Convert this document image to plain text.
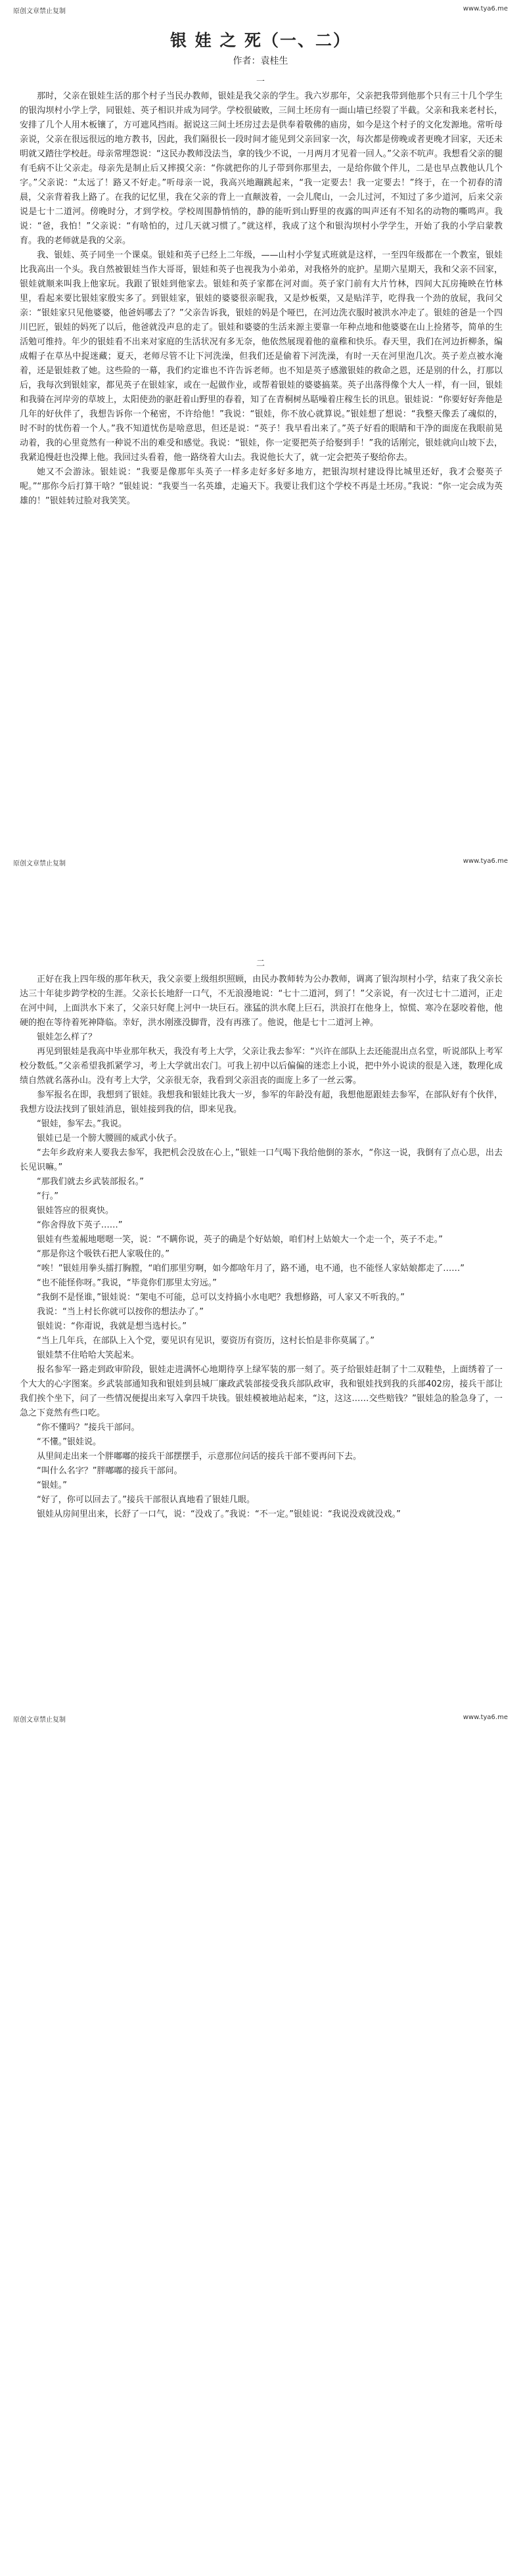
原创文章禁止复制	www.tya6.me
银 娃 之 死（一、二）
作者：袁桂生
一

那时，父亲在银娃生活的那个村子当民办教师，银娃是我父亲的学生。我六岁那年，父亲把我带到他那个只有三十几个学生的银沟坝村小学上学，同银娃、英子相识并成为同学。学校很破败，三间土坯房有一面山墙已经裂了半截。父亲和我来老村长，安排了几个人用木板镶了，方可遮风挡雨。据说这三间土坯房过去是供奉着敬佛的庙房，如今是这个村子的文化发源地。常听母亲说，父亲在很远很远的地方教书，因此，我们隔很长一段时间才能见到父亲回家一次，每次都是傍晚或者更晚才回家，天还未明就又踏往学校赶。母亲常埋怨说：“这民办教师没法当，拿的钱少不说，一月两月才见着一回人。”父亲不吭声。我想看父亲的腿有毛病不让父亲走。母亲先是制止后又摔摸父亲：“你就把你的儿子带到你那里去，一是给你做个伴儿，二是也早点教他认几个字。”父亲说：“太远了！路又不好走。”听母亲一说，我高兴地蹦跳起来，“我一定要去！我一定要去！”终于，在一个初春的清晨，父亲背着我上路了。在我的记忆里，我在父亲的背上一直颠波着，一会儿爬山，一会儿过河，不知过了多少道河，后来父亲说是七十二道河。傍晚时分，才到学校。学校周围静悄悄的，静的能听到山野里的夜露的叫声还有不知名的动物的嘶鸣声。我说：“爸，我怕！”父亲说：“有啥怕的，过几天就习惯了。”就这样，我成了这个和银沟坝村小学学生，开始了我的小学启蒙教育。我的老师就是我的父亲。

我、银娃、英子同坐一个课桌。银娃和英子已经上二年级，——山村小学复式班就是这样，一至四年级都在一个教室，银娃比我高出一个头。我自然被银娃当作大哥哥，银娃和英子也视我为小弟弟，对我格外的庇护。星期六星期天，我和父亲不回家，银娃就顺来叫我上他家玩。我跟了银娃到他家去。银娃和英子家都在河对面。英子家门前有大片竹林，四间大瓦房掩映在竹林里，看起来要比银娃家殷实多了。到银娃家，银娃的婆婆很亲昵我，又是炒板栗，又是贴洋芋，吃得我一个劲的放屁，我问父亲：“银娃家只见他婆婆，他爸妈哪去了？”父亲告诉我，银娃的妈是个哑巴，在河边洗衣服时被洪水冲走了。银娃的爸是一个四川巴匠，银娃的妈死了以后，他爸就没声息的走了。银娃和婆婆的生活来源主要靠一年种点地和他婆婆在山上捡猪苓，简单的生活勉可维持。年少的银娃看不出来对家庭的生活状况有多无奈，他依然展现着他的童稚和快乐。春天里，我们在河边折柳条，编成帽子在草丛中捉迷藏；夏天，老师尽管不让下河洗澡，但我们还是偷着下河洗澡，有时一天在河里泡几次。英子差点被水淹着，还是银娃救了她。这些险的一幕，我们约定谁也不许告诉老师。也不知是英子感激银娃的救命之恩，还是别的什么，打那以后，我每次到银娃家，都见英子在银娃家，或在一起做作业，或帮着银娃的婆婆搞菜。英子出落得像个大人一样，有一回，银娃和我骑在河岸旁的草坡上，太阳使劲的驱赶着山野里的春着，知了在青桐树丛聒噪着庄稼生长的讯息。银娃说：“你要好好奔他是几年的好伙伴了，我想告诉你一个秘密，不许给他！”我说：“银娃，你不放心就算说。”银娃想了想说：“我整天像丢了魂似的，时不时的忧伤着一个人。”我不知道忧伤是啥意思，但还是说：“英子！我早看出来了。”英子好看的眼睛和干净的面庞在我眼前晃动着，我的心里竟然有一种说不出的难受和感觉。我说：“银娃，你一定要把英子给娶到手！”我的话刚完，银娃就向山坡下去，我紧追慢赶也没撵上他。我回过头看着，他一路绕着大山去。我说他长大了，就一定会把英子娶给你去。

她又不会游泳。银娃说：“我要是像那年头英子一样多走好多好多地方，把银沟坝村建设得比城里还好，我才会娶英子呢。”“那你今后打算干啥？”银娃说：“我要当一名英雄，走遍天下。我要让我们这个学校不再是土坯房。”我说：“你一定会成为英雄的！”银娃转过脸对我笑笑。

原创文章禁止复制	www.tya6.me
二

正好在我上四年级的那年秋天，我父亲要上级组织照顾，由民办教师转为公办教师，调离了银沟坝村小学，结束了我父亲长达三十年徒步跨学校的生涯。父亲长长地舒一口气，不无浪漫地说：“七十二道河，到了！”父亲说，有一次过七十二道河，正走在河中间，上面洪水下来了，父亲只好爬上河中一块巨石。涨猛的洪水爬上巨石，洪浪打在他身上，惊慌、寒冷在瑟咬着他，他硬的抱在等待着死神降临。幸好，洪水刚涨没脚背，没有再涨了。他说，他是七十二道河上神。

银娃怎么样了？

再见到银娃是我高中毕业那年秋天，我没有考上大学，父亲让我去参军：“兴许在部队上去还能混出点名堂，听说部队上考军校分数低。”父亲希望我抓紧学习，考上大学就出农门。可我上初中以后偏偏的迷恋上小说，把中外小说读的很是入迷，数理化成绩自然就名落孙山。没有考上大学，父亲很无奈，我看到父亲沮丧的面庞上多了一丝云雾。

参军报名在即，我想到了银娃。我想我和银娃比我大一岁，参军的年龄没有超，我想他愿跟娃去参军，在部队好有个伙伴，我想方设法找到了银娃消息，银娃接到我的信，即来见我。

“银娃，参军去。”我说。

银娃已是一个膀大腰圆的威武小伙子。

“去年乡政府来人要我去参军，我把机会没放在心上，”银娃一口气喝下我给他倒的茶水，“你这一说，我倒有了点心思，出去长见识嘛。”

“那我们就去乡武装部报名。”

“行。”

银娃答应的很爽快。

“你舍得放下英子……”

银娃有些羞赧地嗯嗯一笑，说：“不瞒你说，英子的确是个好姑娘，咱们村上姑娘大一个走一个，英子不走。”

“那是你这个吸铁石把人家吸住的。”

“唉！”银娃用拳头擂打胸膛，“咱们那里穷啊，如今都啥年月了，路不通，电不通，也不能怪人家姑娘都走了……”

“也不能怪你呀。”我说，“毕竟你们那里太穷远。”

“我倒不是怪谁，”银娃说：“架电不可能，总可以支持搞小水电吧？我想修路，可人家又不听我的。”

我说：“当上村长你就可以按你的想法办了。”

银娃说：“你甭说，我就是想当选村长。”

“当上几年兵，在部队上入个党，要见识有见识，要资历有资历，这村长怕是非你莫属了。”

银娃禁不住哈哈大笑起来。

报名参军一路走到政审阶段，银娃走进满怀心地期待享上绿军装的那一刻了。英子给银娃赶制了十二双鞋垫，上面绣着了一个大大的心字图案。乡武装部通知我和银娃到县城厂廉政武装部接受我兵部队政审，我和银娃找到我的兵部402房，接兵干部让我们挨个坐下，问了一些情况便提出来写入拿四千块钱。银娃模被地站起来，“这，这这……交些赔钱？”银娃急的脸急身了，一急之下竟然有些口吃。

“你不懂吗？”接兵干部问。

“不懂。”银娃说。

从里间走出来一个胖嘟嘟的接兵干部摆摆手，示意那位问话的接兵干部不要再问下去。

“叫什么名字？”胖嘟嘟的接兵干部问。

“银娃。”

“好了，你可以回去了。”接兵干部很认真地看了银娃几眼。

银娃从房间里出来，长舒了一口气，说：“没戏了。”我说：“不一定。”银娃说：“我说没戏就没戏。”

原创文章禁止复制	www.tya6.me
